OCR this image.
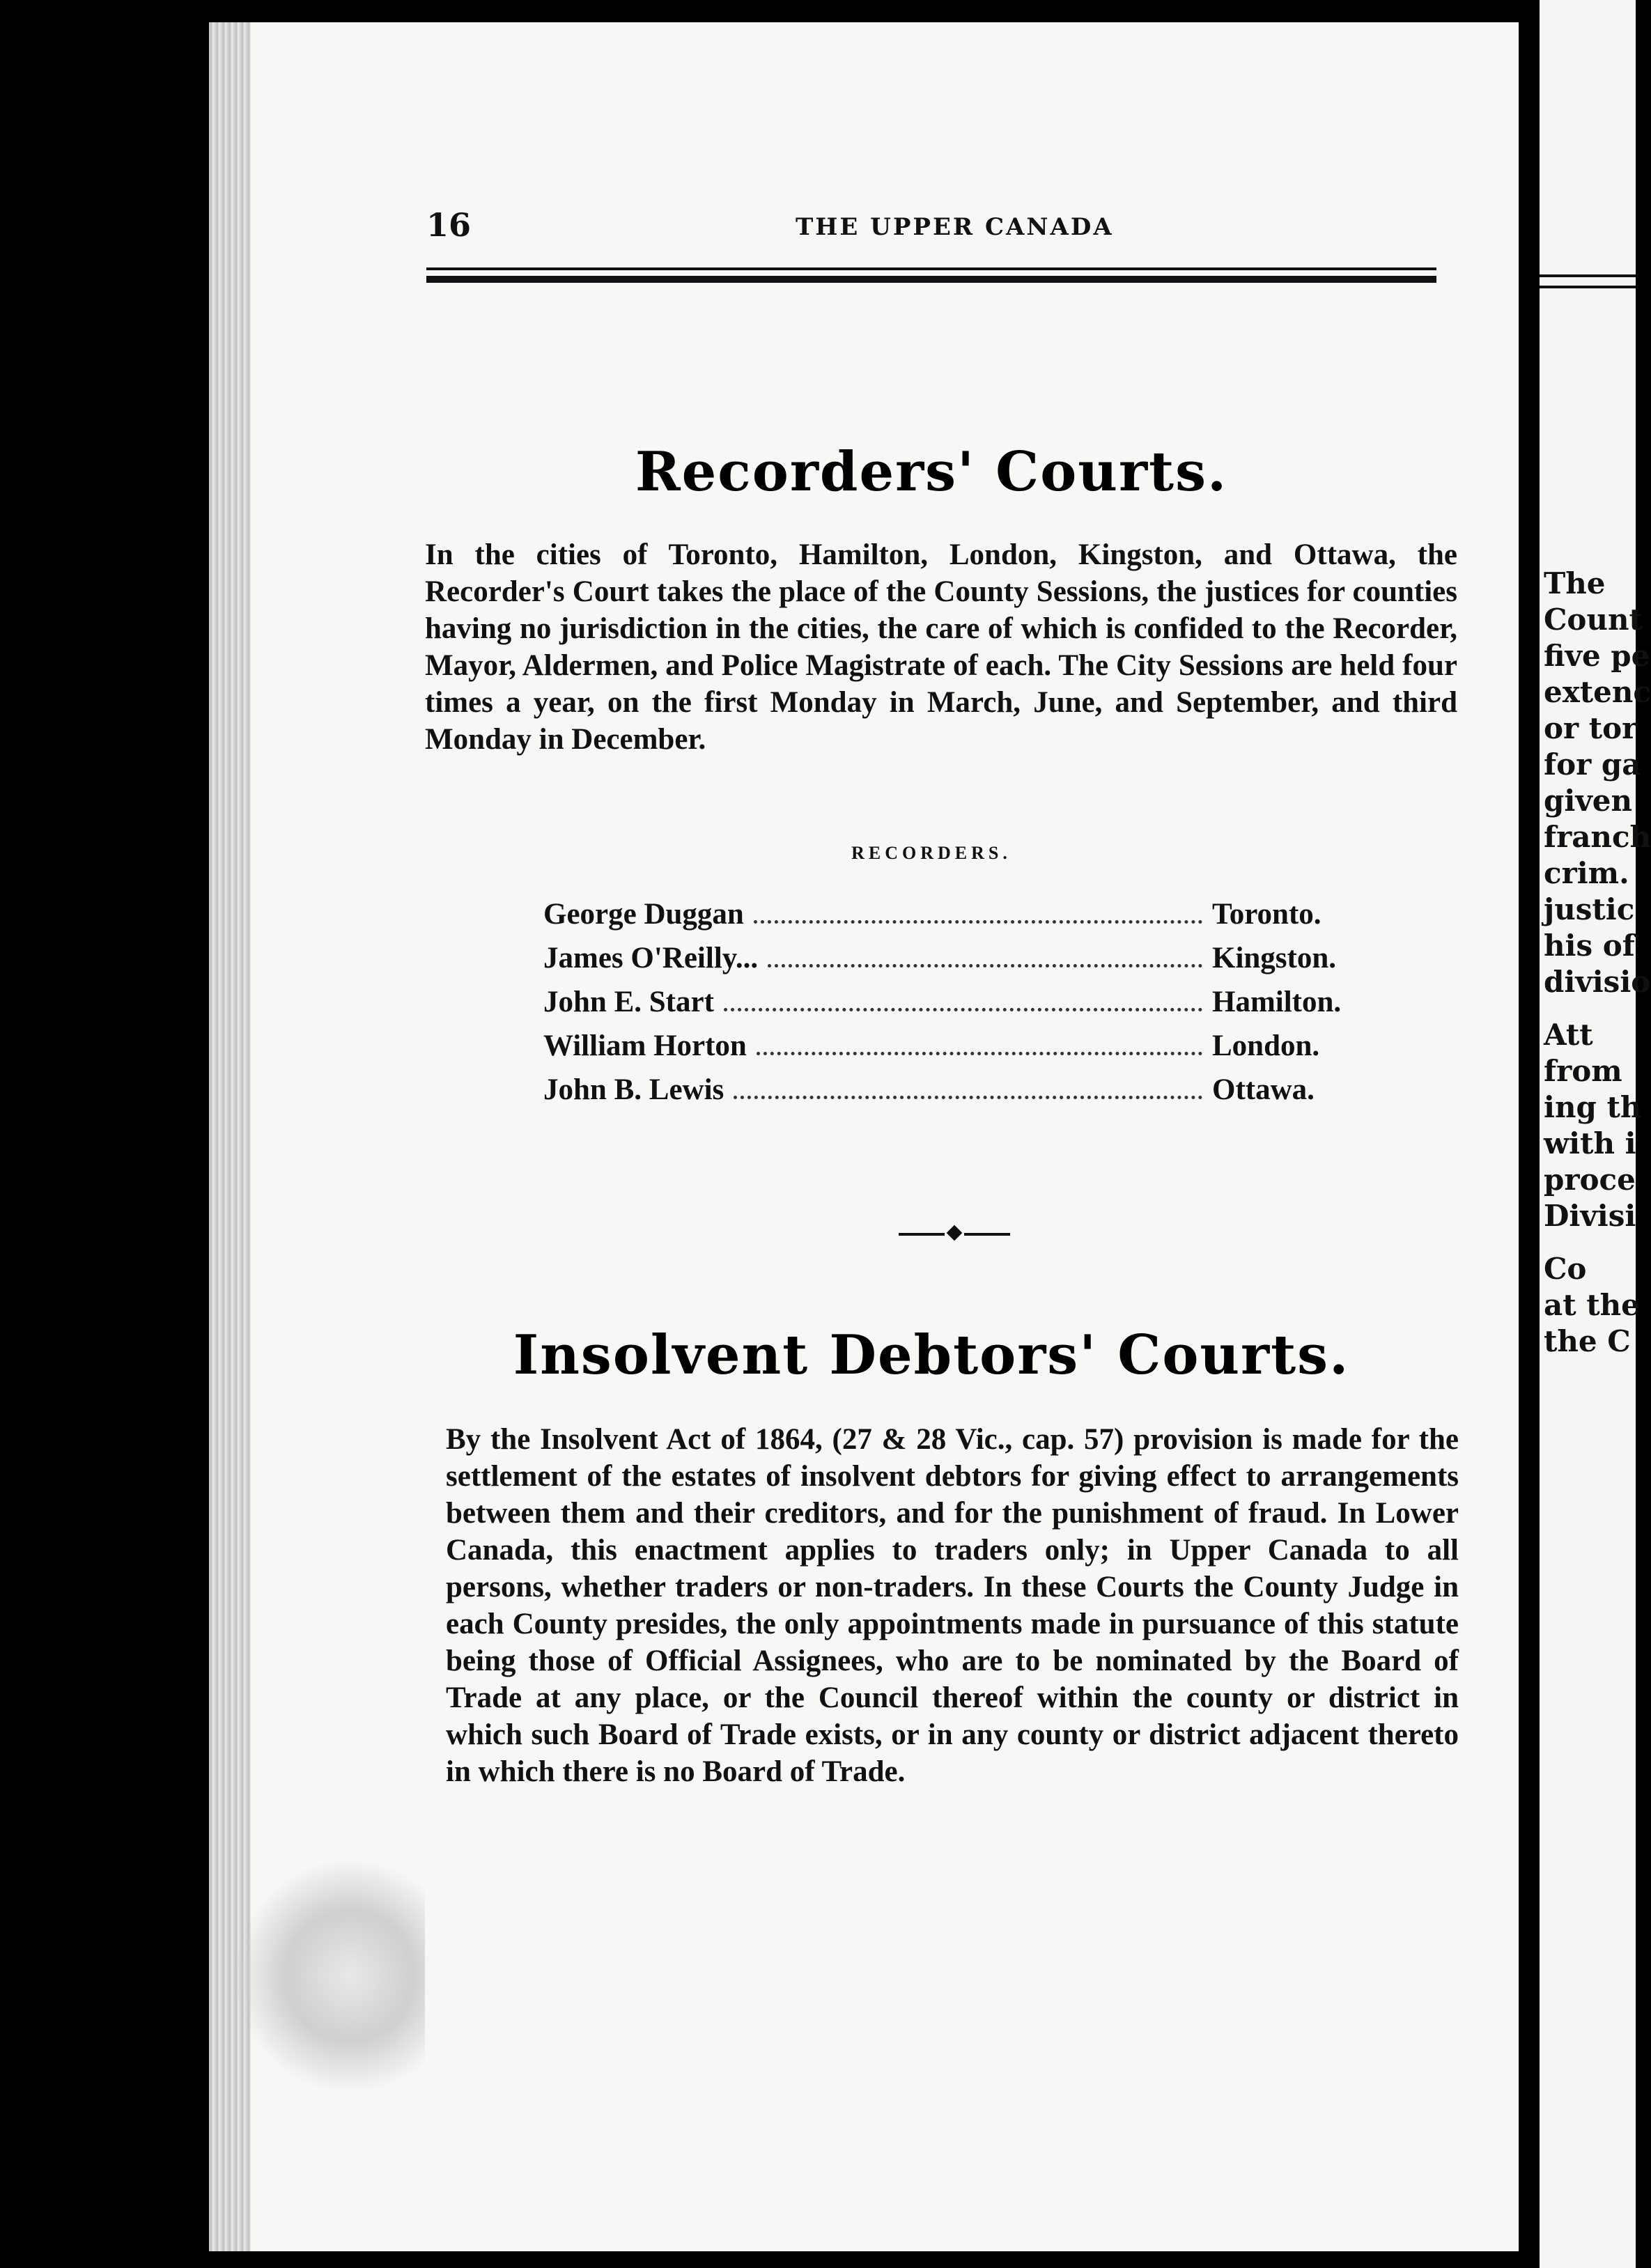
The

Count

five pe

extenc

or tor

for ga

given

franch

crim.

justic

his of

divisio

Att

from

ing th

with i

proce

Divisi

Co

at the

the C

16	THE UPPER CANADA
Recorders' Courts.

In the cities of Toronto, Hamilton, London, Kingston, and Ottawa, the Recorder's Court takes the place of the County Sessions, the justices for counties having no jurisdiction in the cities, the care of which is confided to the Recorder, Mayor, Aldermen, and Police Magistrate of each. The City Sessions are held four times a year, on the first Monday in March, June, and September, and third Monday in December.

RECORDERS.
George Duggan	Toronto.
James O'Reilly...	Kingston.
John E. Start	Hamilton.
William Horton	London.
John B. Lewis	Ottawa.
Insolvent Debtors' Courts.

By the Insolvent Act of 1864, (27 & 28 Vic., cap. 57) provision is made for the settlement of the estates of insolvent debtors for giving effect to arrangements between them and their creditors, and for the punishment of fraud. In Lower Canada, this enactment applies to traders only; in Upper Canada to all persons, whether traders or non-traders. In these Courts the County Judge in each County presides, the only appointments made in pursuance of this statute being those of Official Assignees, who are to be nominated by the Board of Trade at any place, or the Council thereof within the county or district in which such Board of Trade exists, or in any county or district adjacent thereto in which there is no Board of Trade.
